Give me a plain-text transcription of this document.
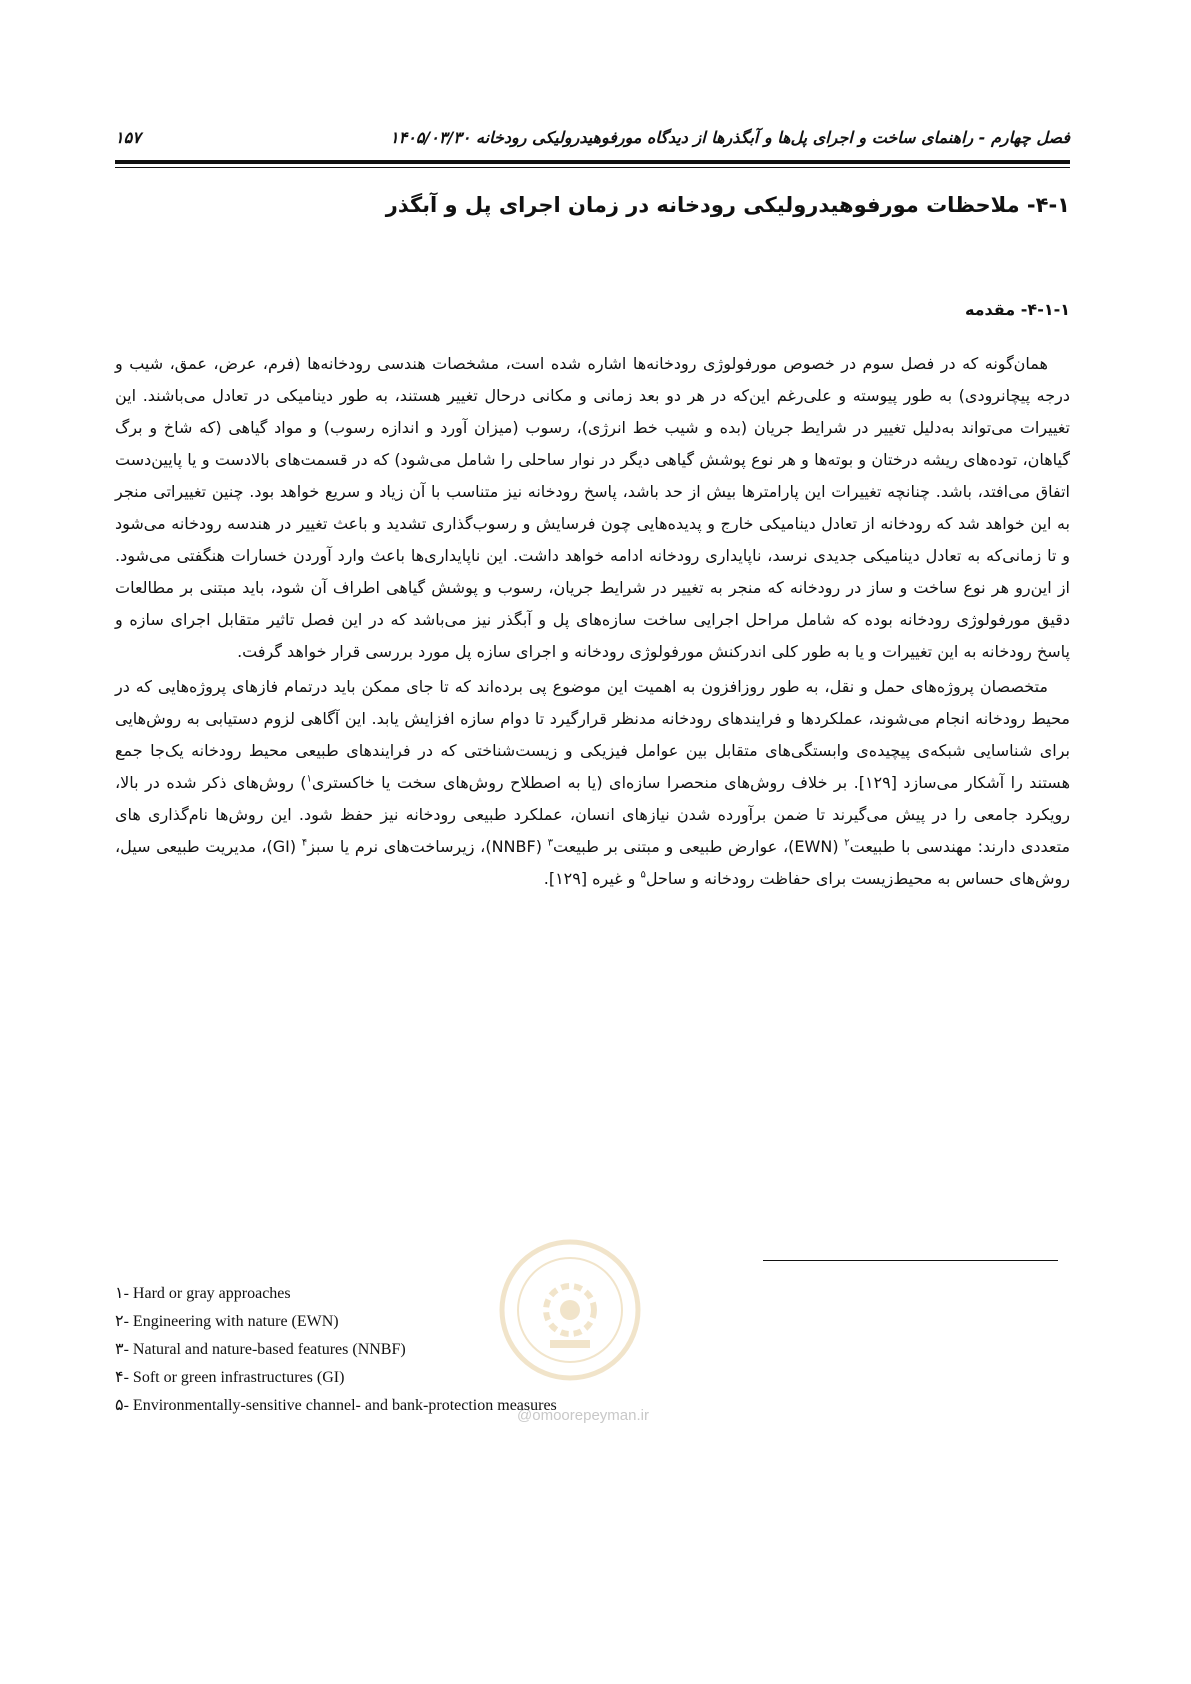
فصل چهارم - راهنمای ساخت و اجرای پل‌ها و آبگذرها از دیدگاه مورفوهیدرولیکی رودخانه ۱۴۰۵/۰۳/۳۰
۱۵۷
۴-۱- ملاحظات مورفوهیدرولیکی رودخانه در زمان اجرای پل و آبگذر
۴-۱-۱- مقدمه

همان‌گونه که در فصل سوم در خصوص مورفولوژی رودخانه‌ها اشاره شده است، مشخصات هندسی رودخانه‌ها (فرم، عرض، عمق، شیب و درجه پیچانرودی) به طور پیوسته و علی‌رغم این‌که در هر دو بعد زمانی و مکانی درحال تغییر هستند، به طور دینامیکی در تعادل می‌باشند. این تغییرات می‌تواند به‌دلیل تغییر در شرایط جریان (بده و شیب خط انرژی)، رسوب (میزان آورد و اندازه رسوب) و مواد گیاهی (که شاخ و برگ گیاهان، توده‌های ریشه درختان و بوته‌ها و هر نوع پوشش گیاهی دیگر در نوار ساحلی را شامل می‌شود) که در قسمت‌های بالادست و یا پایین‌دست اتفاق می‌افتد، باشد. چنانچه تغییرات این پارامترها بیش از حد باشد، پاسخ رودخانه نیز متناسب با آن زیاد و سریع خواهد بود. چنین تغییراتی منجر به این خواهد شد که رودخانه از تعادل دینامیکی خارج و پدیده‌هایی چون فرسایش و رسوب‌گذاری تشدید و باعث تغییر در هندسه رودخانه می‌شود و تا زمانی‌که به تعادل دینامیکی جدیدی نرسد، ناپایداری رودخانه ادامه خواهد داشت. این ناپایداری‌ها باعث وارد آوردن خسارات هنگفتی می‌شود. از این‌رو هر نوع ساخت و ساز در رودخانه که منجر به تغییر در شرایط جریان، رسوب و پوشش گیاهی اطراف آن شود، باید مبتنی بر مطالعات دقیق مورفولوژی رودخانه بوده که شامل مراحل اجرایی ساخت سازه‌های پل و آبگذر نیز می‌باشد که در این فصل تاثیر متقابل اجرای سازه و پاسخ رودخانه به این تغییرات و یا به طور کلی اندرکنش مورفولوژی رودخانه و اجرای سازه پل مورد بررسی قرار خواهد گرفت.

متخصصان پروژه‌های حمل و نقل، به طور روزافزون به اهمیت این موضوع پی برده‌اند که تا جای ممکن باید درتمام فازهای پروژه‌هایی که در محیط رودخانه انجام می‌شوند، عملکردها و فرایندهای رودخانه مدنظر قرارگیرد تا دوام سازه افزایش یابد. این آگاهی لزوم دستیابی به روش‌هایی برای شناسایی شبکه‌ی پیچیده‌ی وابستگی‌های متقابل بین عوامل فیزیکی و زیست‌شناختی که در فرایندهای طبیعی محیط رودخانه یک‌جا جمع هستند را آشکار می‌سازد [۱۲۹]. بر خلاف روش‌های منحصرا سازه‌ای (یا به اصطلاح روش‌های سخت یا خاکستری$^۱$) روش‌های ذکر شده در بالا، رویکرد جامعی را در پیش می‌گیرند تا ضمن برآورده شدن نیازهای انسان، عملکرد طبیعی رودخانه نیز حفظ شود. این روش‌ها نام‌گذاری های متعددی دارند: مهندسی با طبیعت$^۲$ (EWN)، عوارض طبیعی و مبتنی بر طبیعت$^۳$ (NNBF)، زیرساخت‌های نرم یا سبز$^۴$ (GI)، مدیریت طبیعی سیل، روش‌های حساس به محیط‌زیست برای حفاظت رودخانه و ساحل$^۵$ و غیره [۱۲۹].

@omoorepeyman.ir
۱- Hard or gray approaches
۲- Engineering with nature (EWN)
۳- Natural and nature-based features (NNBF)
۴- Soft or green infrastructures (GI)
۵- Environmentally-sensitive channel- and bank-protection measures
